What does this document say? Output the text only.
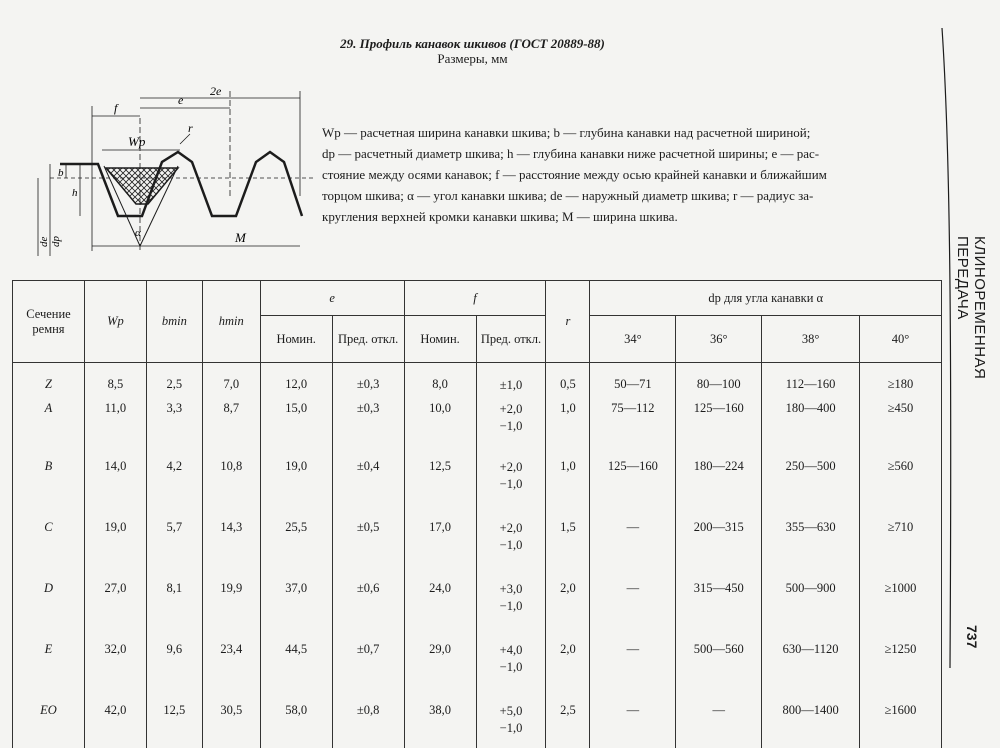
29. Профиль канавок шкивов (ГОСТ 20889-88)
Размеры, мм
f
e
2e
Wp
r
b
h
α	M
de dp
Wp — расчетная ширина канавки шкива; b — глубина канавки над расчетной шириной;
dp — расчетный диаметр шкива; h — глубина канавки ниже расчетной ширины; e — рас-
стояние между осями канавок; f — расстояние между осью крайней канавки и ближайшим
торцом шкива; α — угол канавки шкива; de — наружный диаметр шкива; r — радиус за-
кругления верхней кромки канавки шкива; M — ширина шкива.
КЛИНОРЕМЕННАЯ ПЕРЕДАЧА
737
Сечение ремня	Wp	bmin	hmin	e		f		r	dp для угла канавки α			
				Номин.	Пред. откл.	Номин.	Пред. откл.		34°	36°	38°	40°
Z	8,5	2,5	7,0	12,0	±0,3	8,0	±1,0	0,5	50—71	80—100	112—160	≥180
A	11,0	3,3	8,7	15,0	±0,3	10,0	+2,0
−1,0	1,0	75—112	125—160	180—400	≥450
B	14,0	4,2	10,8	19,0	±0,4	12,5	+2,0
−1,0	1,0	125—160	180—224	250—500	≥560
C	19,0	5,7	14,3	25,5	±0,5	17,0	+2,0
−1,0	1,5	—	200—315	355—630	≥710
D	27,0	8,1	19,9	37,0	±0,6	24,0	+3,0
−1,0	2,0	—	315—450	500—900	≥1000
E	32,0	9,6	23,4	44,5	±0,7	29,0	+4,0
−1,0	2,0	—	500—560	630—1120	≥1250
EO	42,0	12,5	30,5	58,0	±0,8	38,0	+5,0
−1,0	2,5	—	—	800—1400	≥1600
